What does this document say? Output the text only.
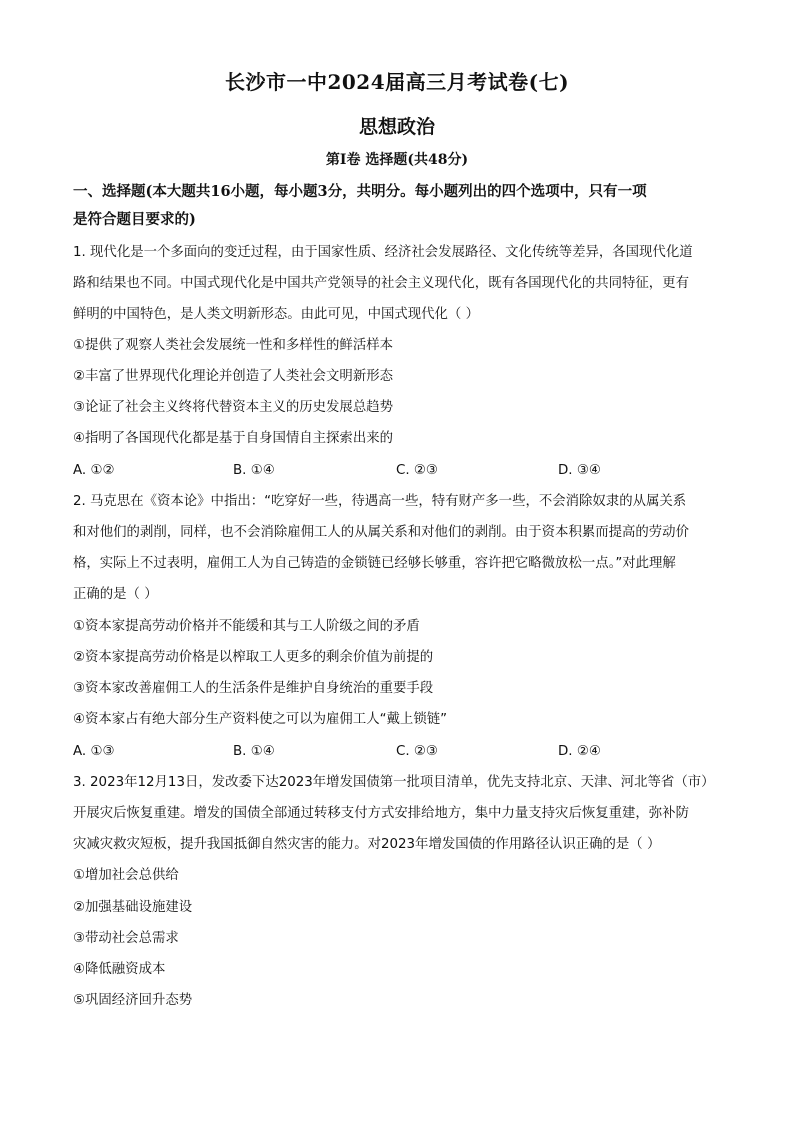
长沙市一中2024届高三月考试卷(七)
思想政治
第Ⅰ卷 选择题(共48分)
一、选择题(本大题共16小题，每小题3分，共明分。每小题列出的四个选项中，只有一项
是符合题目要求的)
1. 现代化是一个多面向的变迁过程，由于国家性质、经济社会发展路径、文化传统等差异，各国现代化道
路和结果也不同。中国式现代化是中国共产党领导的社会主义现代化，既有各国现代化的共同特征，更有
鲜明的中国特色，是人类文明新形态。由此可见，中国式现代化（ ）
①提供了观察人类社会发展统一性和多样性的鲜活样本
②丰富了世界现代化理论并创造了人类社会文明新形态
③论证了社会主义终将代替资本主义的历史发展总趋势
④指明了各国现代化都是基于自身国情自主探索出来的
A. ①②	B. ①④	C. ②③	D. ③④
2. 马克思在《资本论》中指出：“吃穿好一些，待遇高一些，特有财产多一些，不会消除奴隶的从属关系
和对他们的剥削，同样，也不会消除雇佣工人的从属关系和对他们的剥削。由于资本积累而提高的劳动价
格，实际上不过表明，雇佣工人为自己铸造的金锁链已经够长够重，容许把它略微放松一点。”对此理解
正确的是（ ）
①资本家提高劳动价格并不能缓和其与工人阶级之间的矛盾
②资本家提高劳动价格是以榨取工人更多的剩余价值为前提的
③资本家改善雇佣工人的生活条件是维护自身统治的重要手段
④资本家占有绝大部分生产资料使之可以为雇佣工人“戴上锁链”
A. ①③	B. ①④	C. ②③	D. ②④
3. 2023年12月13日，发改委下达2023年增发国债第一批项目清单，优先支持北京、天津、河北等省（市）
开展灾后恢复重建。增发的国债全部通过转移支付方式安排给地方，集中力量支持灾后恢复重建，弥补防
灾减灾救灾短板，提升我国抵御自然灾害的能力。对2023年增发国债的作用路径认识正确的是（ ）
①增加社会总供给
②加强基础设施建设
③带动社会总需求
④降低融资成本
⑤巩固经济回升态势
